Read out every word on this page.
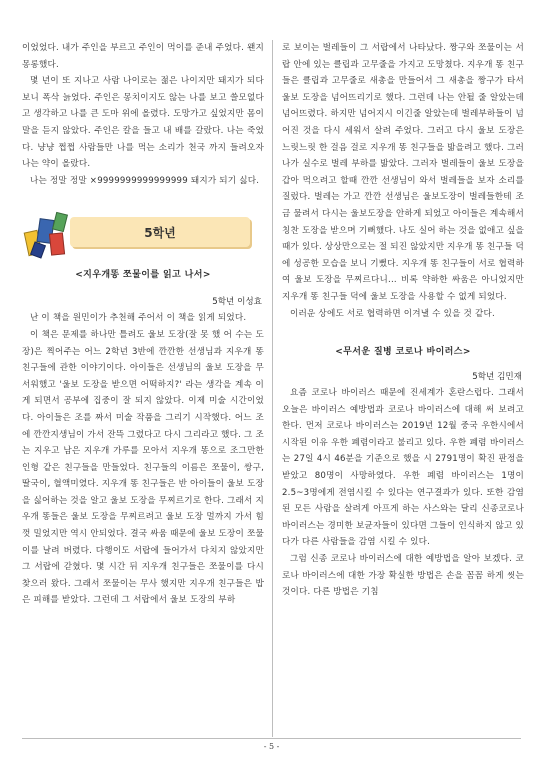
이었었다. 내가 주인을 부르고 주인이 먹이를 준내 주었다. 왠지 몽롱했다.

몇 년이 또 지나고 사람 나이로는 젊은 나이지만 돼지가 되다보니 폭삭 늙었다. 주인은 몽치이지도 않는 나를 보고 쓸모없다고 생각하고 나를 큰 도마 위에 올렸다. 도망가고 싶었지만 몸이 말을 듣지 않았다. 주인은 칼을 들고 내 배를 갈랐다. 나는 죽었다. 냥냥 쩝쩝 사람들만 나를 먹는 소리가 천국 까지 들려오자 나는 약이 올랐다.

나는 정말 정말 ×9999999999999999 돼지가 되기 싫다.

5학년
<지우개똥 쪼물이를 읽고 나서>
5학년 이성효

난 이 책을 원민이가 추천해 주어서 이 책을 읽게 되었다.

이 책은 문제를 하나만 틀려도 울보 도장(잘 못 했 어 수는 도장)은 찍어주는 어느 2학년 3반에 깐깐한 선생님과 지우개 똥 친구들에 관한 이야기이다. 아이들은 선생님의 울보 도장을 무서워했고 '울보 도장을 받으면 어떡하지?' 라는 생각을 계속 이게 되면서 공부에 집중이 잘 되지 않았다. 이제 미술 시간이었다. 아이들은 조를 짜서 미술 작품을 그리기 시작했다. 어느 조에 깐깐지생님이 가서 잔뜩 그렸다고 다시 그리라고 했다. 그 조는 지우고 남은 지우개 가루를 모아서 지우개 똥으로 조그만한 인형 같은 친구들을 만들었다. 친구들의 이름은 쪼물이, 쌍구, 딸국이, 혈액미였다. 지우개 똥 친구들은 반 아이들이 울보 도장을 싫어하는 것을 알고 울보 도장을 무찌르기로 한다. 그래서 지우개 똥들은 울보 도장을 무찌르려고 울보 도장 멀까지 가서 힘껏 밀었지만 역시 안되었다. 결국 싸움 때문에 울보 도장이 쪼물이를 날려 버렸다. 다행이도 서랍에 들어가서 다치지 않았지만 그 서랍에 갇혔다. 몇 시간 뒤 지우개 친구들은 쪼물이를 다시 찾으러 왔다. 그래서 쪼물이는 무사 했지만 지우개 친구들은 밥은 피해를 받았다. 그런데 그 서랍에서 울보 도장의 부하

로 보이는 벌레들이 그 서랍에서 나타났다. 짱구와 쪼물이는 서랍 안에 있는 클립과 고무줄을 가지고 도망쳤다. 지우개 똥 친구들은 클립과 고무줄로 새총을 만들어서 그 새총을 짱구가 타서 울보 도장을 넘어뜨리기로 했다. 그런데 나는 안될 줄 알았는데 넘어뜨렸다. 하지만 넘어지시 이긴줄 알았는데 벌레부하들이 넘어진 것을 다시 세워서 살려 주었다. 그러고 다시 울보 도장은 느릿느릿 한 걸음 걸로 지우개 똥 친구들을 밟을려고 했다. 그러나가 실수로 벌레 부하를 밟았다. 그러자 벌레들이 울보 도장을 갑아 먹으려고 할때 깐깐 선생님이 와서 벌레들을 보자 소리를 질렀다. 벌레는 가고 깐깐 선생님은 울보도장이 벌레들한테 조금 물려서 다시는 울보도장을 안하게 되었고 아이들은 계속해서 칭찬 도장을 받으며 기뻐했다. 나도 실어 하는 것을 없애고 싶을 때가 있다. 상상만으로는 절 되진 않았지만 지우개 똥 친구들 덕에 성공한 모습을 보니 기뻤다. 지우개 똥 친구들이 서로 협력하여 울보 도장을 무찌르다니... 비록 약하한 싸움은 아니었지만 지우개 똥 친구들 덕에 울보 도장을 사용할 수 없게 되었다.

이러운 상에도 서로 협력하면 이겨낼 수 있을 것 같다.

<무서운 질병 코로나 바이러스>
5학년 김민재

요즘 코로나 바이러스 때문에 진세계가 혼란스럽다. 그래서 오늘은 바이러스 예방법과 코로나 바이러스에 대해 써 보려고 한다. 먼저 코로나 바이러스는 2019년 12월 중국 우한시에서 시작된 이유 우한 폐렴이라고 불리고 있다. 우한 폐렴 바이러스는 27일 4시 46분을 기준으로 했을 시 2791명이 확진 판정을 받았고 80명이 사망하였다. 우한 폐렴 바이러스는 1명이 2.5~3명에게 전염시킬 수 있다는 연구결과가 있다. 또한 감염된 모든 사람을 살려게 아프게 하는 사스와는 달리 신종코로나 바이러스는 경미한 보균자들이 있다면 그들이 인식하지 않고 있다가 다른 사람들을 감염 시킬 수 있다.

그럼 신종 코로나 바이러스에 대한 예방법을 알아 보겠다. 코로나 바이러스에 대한 가장 확실한 방법은 손을 꼼꼼 하게 씻는 것이다. 다른 방법은 기침

- 5 -
